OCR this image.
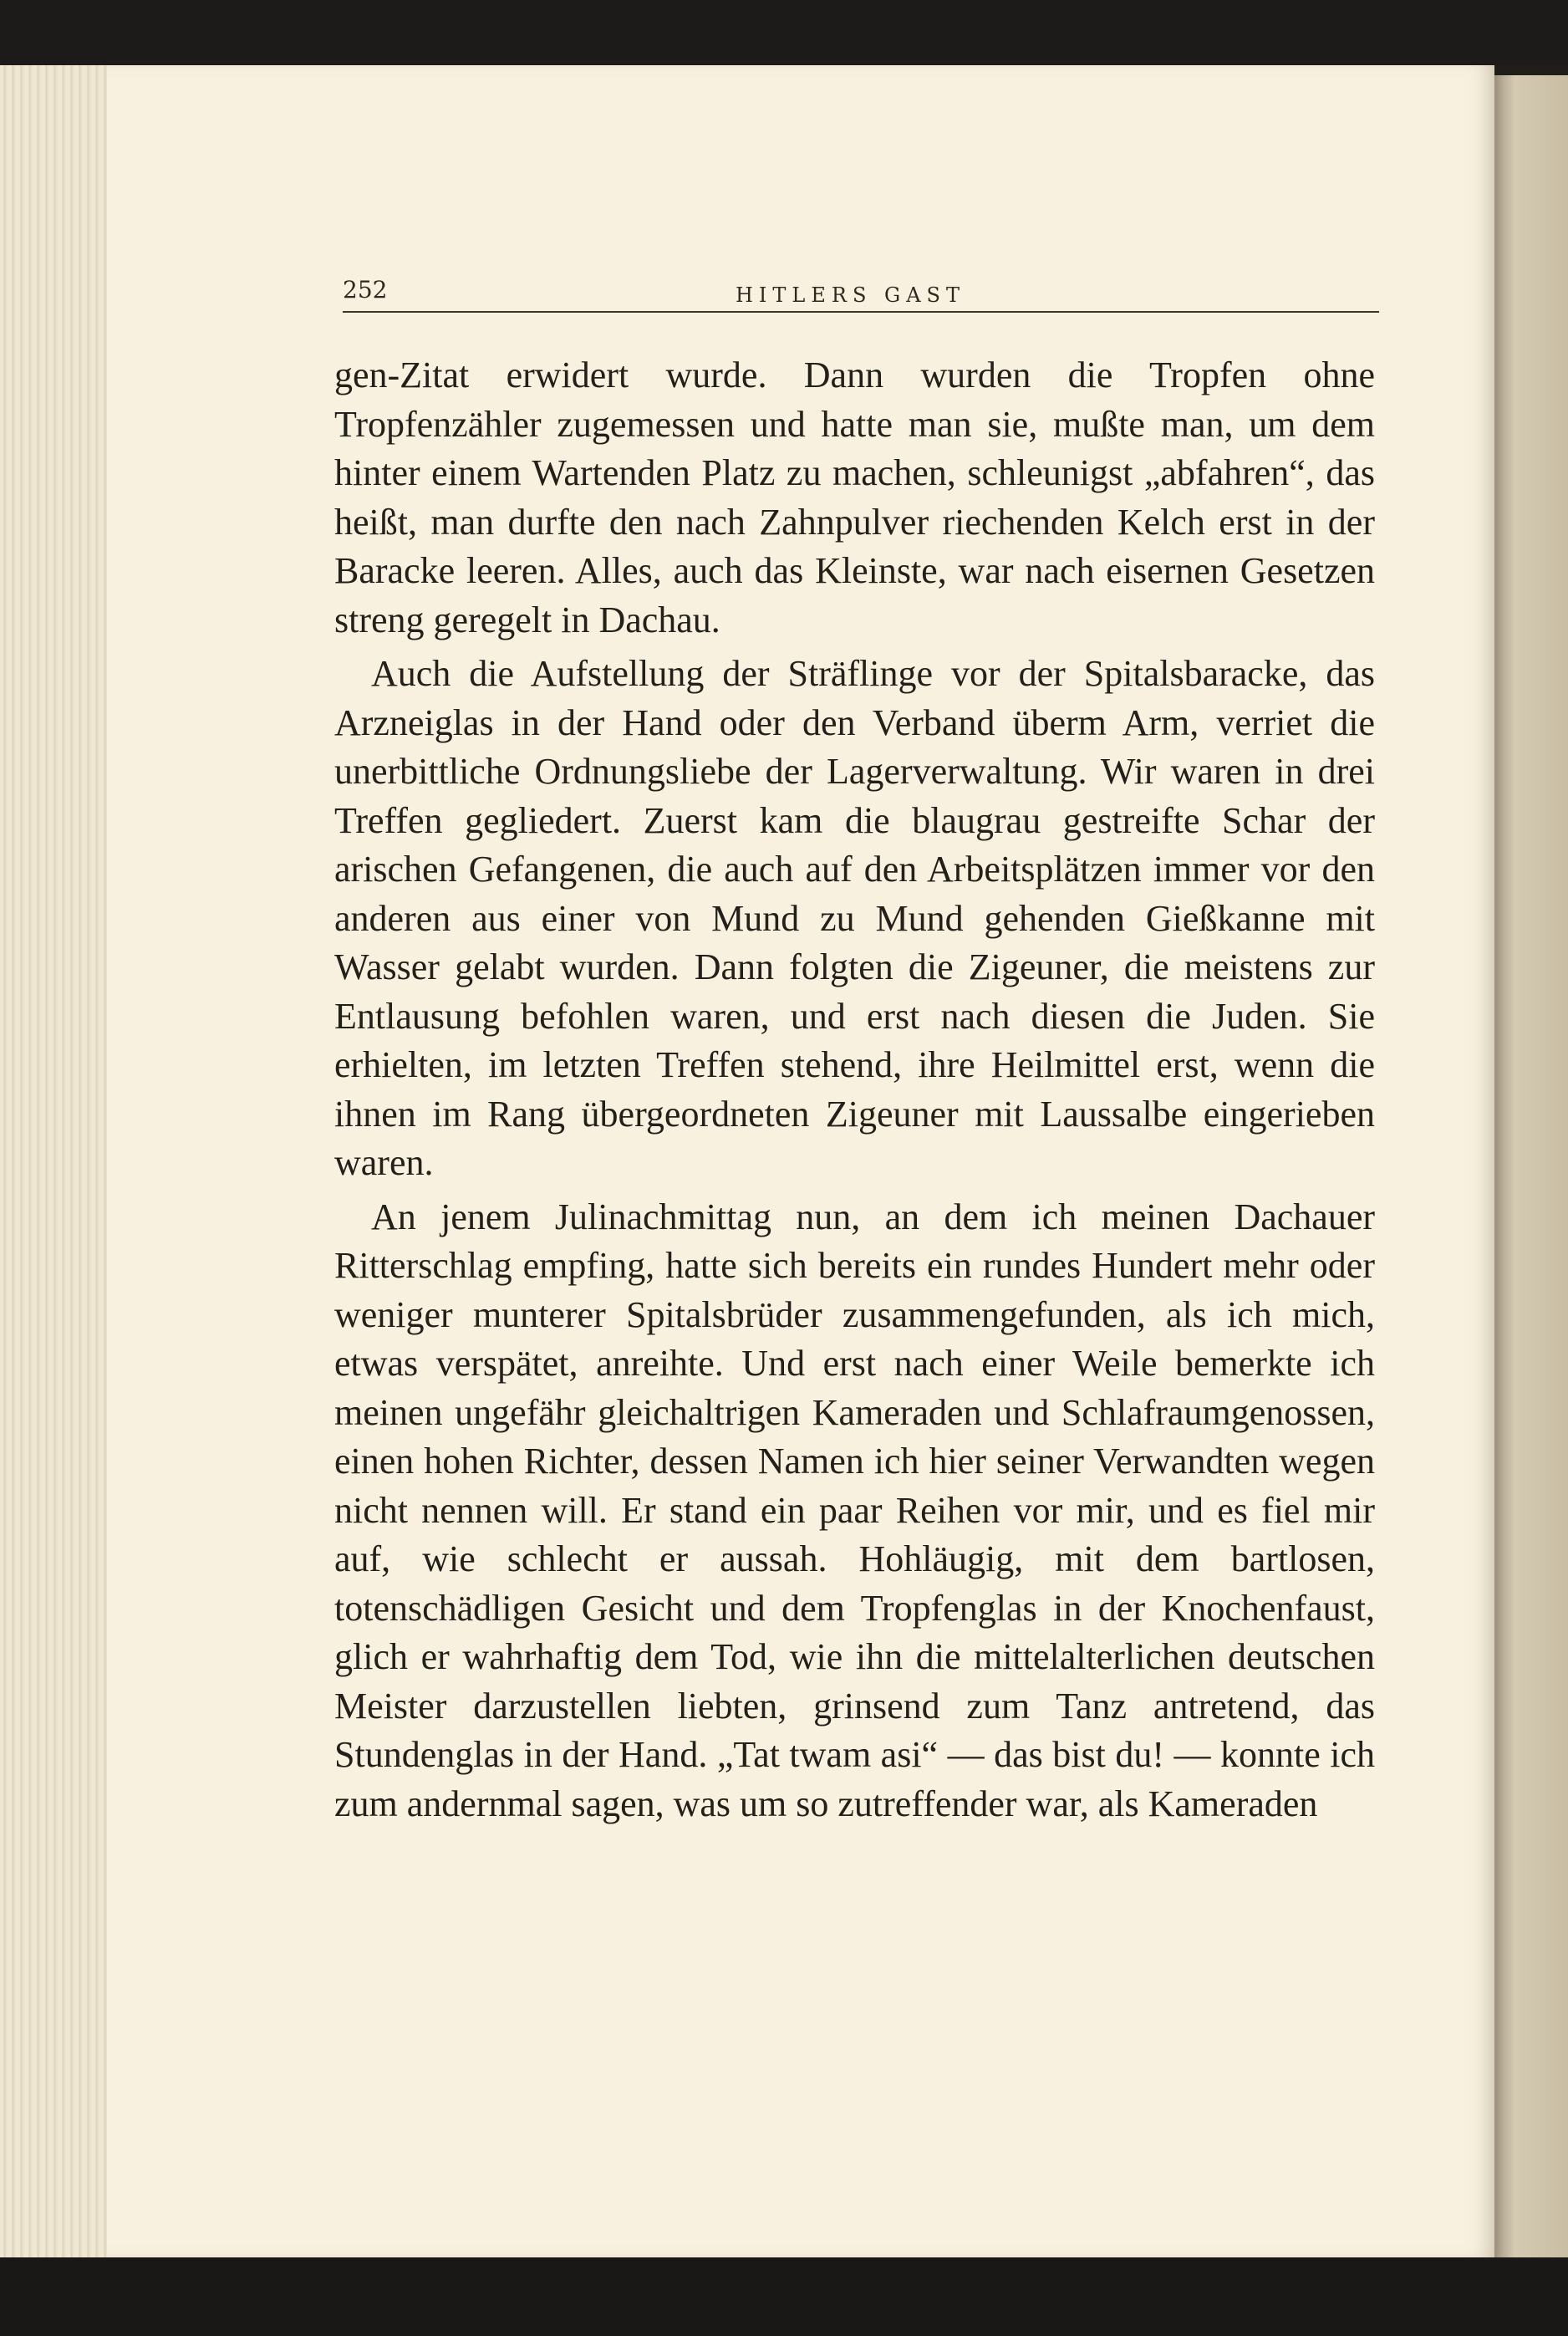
252	HITLERS GAST

gen-Zitat erwidert wurde. Dann wurden die Tropfen ohne Tropfenzähler zugemessen und hatte man sie, mußte man, um dem hinter einem Wartenden Platz zu machen, schleunigst „abfahren“, das heißt, man durfte den nach Zahnpulver riechenden Kelch erst in der Baracke leeren. Alles, auch das Kleinste, war nach eisernen Gesetzen streng geregelt in Dachau.

Auch die Aufstellung der Sträflinge vor der Spitalsbaracke, das Arzneiglas in der Hand oder den Verband überm Arm, verriet die unerbittliche Ordnungsliebe der Lagerverwaltung. Wir waren in drei Treffen gegliedert. Zuerst kam die blaugrau gestreifte Schar der arischen Gefangenen, die auch auf den Arbeitsplätzen immer vor den anderen aus einer von Mund zu Mund gehenden Gießkanne mit Wasser gelabt wurden. Dann folgten die Zigeuner, die meistens zur Entlausung befohlen waren, und erst nach diesen die Juden. Sie erhielten, im letzten Treffen stehend, ihre Heilmittel erst, wenn die ihnen im Rang übergeordneten Zigeuner mit Laussalbe eingerieben waren.

An jenem Julinachmittag nun, an dem ich meinen Dachauer Ritterschlag empfing, hatte sich bereits ein rundes Hundert mehr oder weniger munterer Spitalsbrüder zusammengefunden, als ich mich, etwas verspätet, anreihte. Und erst nach einer Weile bemerkte ich meinen ungefähr gleichaltrigen Kameraden und Schlafraumgenossen, einen hohen Richter, dessen Namen ich hier seiner Verwandten wegen nicht nennen will. Er stand ein paar Reihen vor mir, und es fiel mir auf, wie schlecht er aussah. Hohläugig, mit dem bartlosen, totenschädligen Gesicht und dem Tropfenglas in der Knochenfaust, glich er wahrhaftig dem Tod, wie ihn die mittelalterlichen deutschen Meister darzustellen liebten, grinsend zum Tanz antretend, das Stundenglas in der Hand. „Tat twam asi“ — das bist du! — konnte ich zum andernmal sagen, was um so zutreffender war, als Kameraden
